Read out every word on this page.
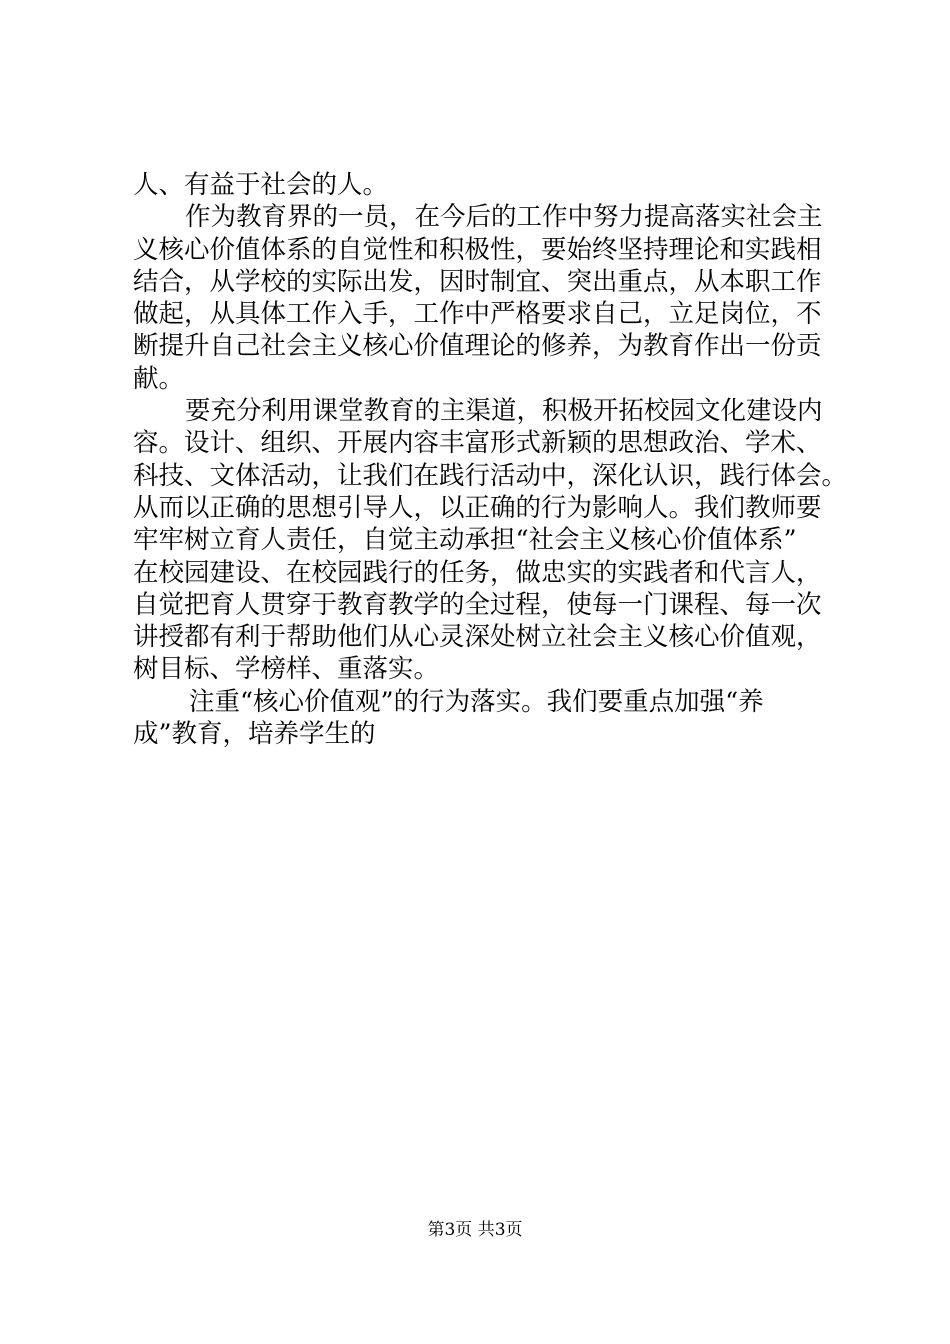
人、有益于社会的人。
作为教育界的一员，在今后的工作中努力提高落实社会主
义核心价值体系的自觉性和积极性，要始终坚持理论和实践相
结合，从学校的实际出发，因时制宜、突出重点，从本职工作
做起，从具体工作入手，工作中严格要求自己，立足岗位，不
断提升自己社会主义核心价值理论的修养，为教育作出一份贡
献。
要充分利用课堂教育的主渠道，积极开拓校园文化建设内
容。设计、组织、开展内容丰富形式新颖的思想政治、学术、
科技、文体活动，让我们在践行活动中，深化认识，践行体会。
从而以正确的思想引导人，以正确的行为影响人。我们教师要
牢牢树立育人责任，自觉主动承担“社会主义核心价值体系”
在校园建设、在校园践行的任务，做忠实的实践者和代言人，
自觉把育人贯穿于教育教学的全过程，使每一门课程、每一次
讲授都有利于帮助他们从心灵深处树立社会主义核心价值观，
树目标、学榜样、重落实。
注重“核心价值观”的行为落实。我们要重点加强“养
成”教育，培养学生的
第3页 共3页
